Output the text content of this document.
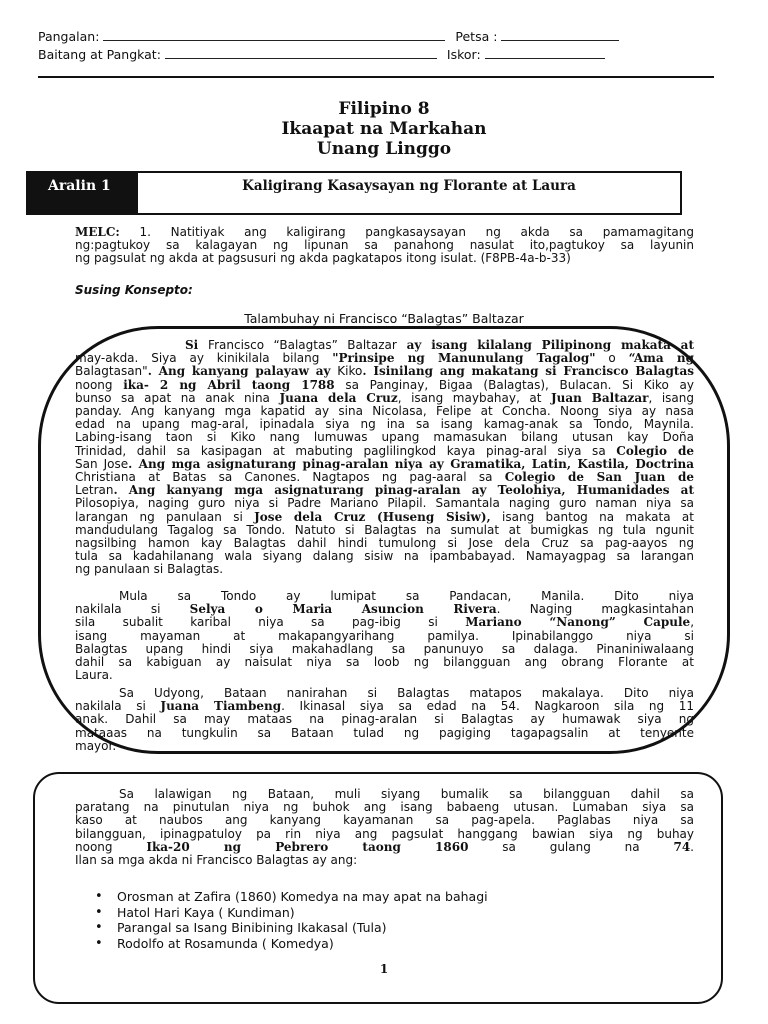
Pangalan:	Petsa :
Baitang at Pangkat:	Iskor:
Filipino 8
Ikaapat na Markahan
Unang Linggo
Aralin 1	Kaligirang Kasaysayan ng Florante at Laura
MELC: 1. Natitiyak ang kaligirang pangkasaysayan ng akda sa pamamagitang
ng:pagtukoy sa kalagayan ng lipunan sa panahong nasulat ito,pagtukoy sa layunin
ng pagsulat ng akda at pagsusuri ng akda pagkatapos itong isulat. (F8PB-4a-b-33)
Susing Konsepto:
Talambuhay ni Francisco “Balagtas” Baltazar
Si Francisco “Balagtas” Baltazar ay isang kilalang Pilipinong makata at
may-akda. Siya ay kinikilala bilang "Prinsipe ng Manunulang Tagalog" o “Ama ng
Balagtasan". Ang kanyang palayaw ay Kiko. Isinilang ang makatang si Francisco Balagtas
noong ika- 2 ng Abril taong 1788 sa Panginay, Bigaa (Balagtas), Bulacan. Si Kiko ay
bunso sa apat na anak nina Juana dela Cruz, isang maybahay, at Juan Baltazar, isang
panday. Ang kanyang mga kapatid ay sina Nicolasa, Felipe at Concha. Noong siya ay nasa
edad na upang mag-aral, ipinadala siya ng ina sa isang kamag-anak sa Tondo, Maynila.
Labing-isang taon si Kiko nang lumuwas upang mamasukan bilang utusan kay Doña
Trinidad, dahil sa kasipagan at mabuting paglilingkod kaya pinag-aral siya sa Colegio de
San Jose. Ang mga asignaturang pinag-aralan niya ay Gramatika, Latin, Kastila, Doctrina
Christiana at Batas sa Canones. Nagtapos ng pag-aaral sa Colegio de San Juan de
Letran. Ang kanyang mga asignaturang pinag-aralan ay Teolohiya, Humanidades at
Pilosopiya, naging guro niya si Padre Mariano Pilapil. Samantala naging guro naman niya sa
larangan ng panulaan si Jose dela Cruz (Huseng Sisiw), isang bantog na makata at
mandudulang Tagalog sa Tondo. Natuto si Balagtas na sumulat at bumigkas ng tula ngunit
nagsilbing hamon kay Balagtas dahil hindi tumulong si Jose dela Cruz sa pag-aayos ng
tula sa kadahilanang wala siyang dalang sisiw na ipambabayad. Namayagpag sa larangan
ng panulaan si Balagtas.
Mula sa Tondo ay lumipat sa Pandacan, Manila. Dito niya
nakilala si Selya o Maria Asuncion Rivera. Naging magkasintahan
sila subalit karibal niya sa pag-ibig si Mariano “Nanong” Capule,
isang mayaman at makapangyarihang pamilya. Ipinabilanggo niya si
Balagtas upang hindi siya makahadlang sa panunuyo sa dalaga. Pinaniniwalaang
dahil sa kabiguan ay naisulat niya sa loob ng bilangguan ang obrang Florante at
Laura.
Sa Udyong, Bataan nanirahan si Balagtas matapos makalaya. Dito niya
nakilala si Juana Tiambeng. Ikinasal siya sa edad na 54. Nagkaroon sila ng 11
anak. Dahil sa may mataas na pinag-aralan si Balagtas ay humawak siya ng
mataaas na tungkulin sa Bataan tulad ng pagiging tagapagsalin at tenyente
mayor.
Sa lalawigan ng Bataan, muli siyang bumalik sa bilangguan dahil sa
paratang na pinutulan niya ng buhok ang isang babaeng utusan. Lumaban siya sa
kaso at naubos ang kanyang kayamanan sa pag-apela. Paglabas niya sa
bilangguan, ipinagpatuloy pa rin niya ang pagsulat hanggang bawian siya ng buhay
noong Ika-20 ng Pebrero taong 1860 sa gulang na 74.
Ilan sa mga akda ni Francisco Balagtas ay ang:
• Orosman at Zafira (1860) Komedya na may apat na bahagi
• Hatol Hari Kaya ( Kundiman)
• Parangal sa Isang Binibining Ikakasal (Tula)
• Rodolfo at Rosamunda ( Komedya)
1
